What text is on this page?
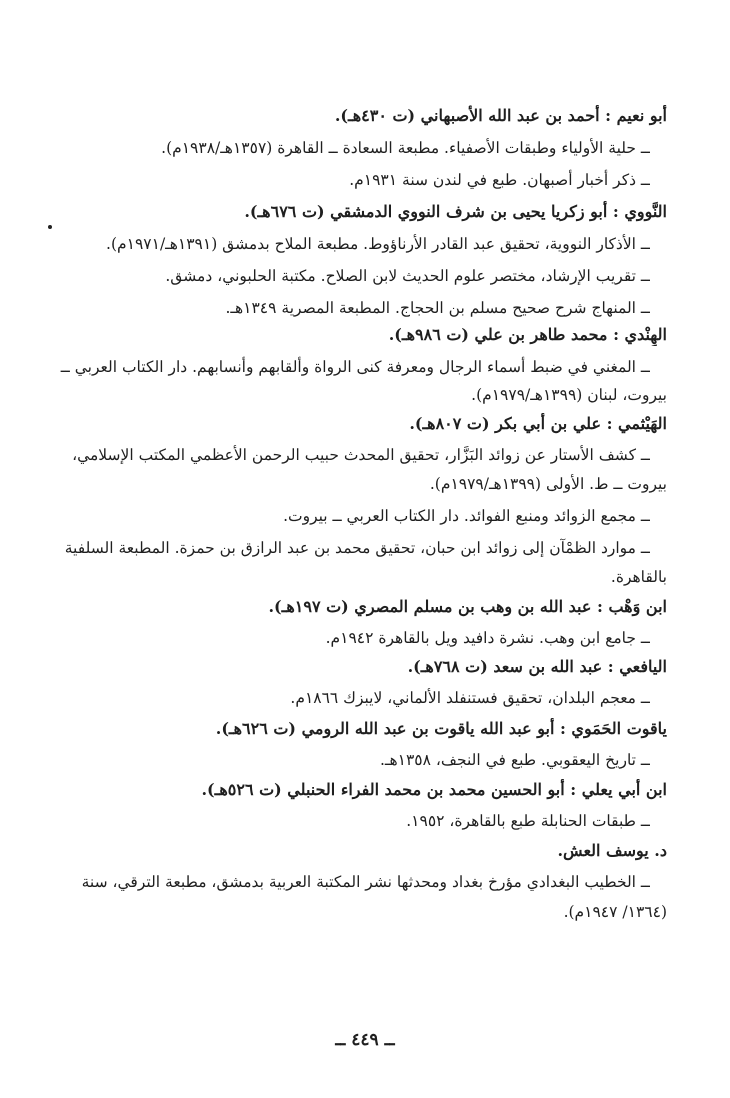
أبو نعيم : أحمد بن عبد الله الأصبهاني (ت ٤٣٠هـ).
ــ حلية الأولياء وطبقات الأصفياء. مطبعة السعادة ــ القاهرة (١٣٥٧هـ/١٩٣٨م).
ــ ذكر أخبار أصبهان. طبع في لندن سنة ١٩٣١م.
النَّووي : أبو زكريا يحيى بن شرف النووي الدمشقي (ت ٦٧٦هـ).
ــ الأذكار النووية، تحقيق عبد القادر الأرناؤوط. مطبعة الملاح بدمشق (١٣٩١هـ/١٩٧١م).
ــ تقريب الإرشاد، مختصر علوم الحديث لابن الصلاح. مكتبة الحلبوني، دمشق.
ــ المنهاج شرح صحيح مسلم بن الحجاج. المطبعة المصرية ١٣٤٩هـ.
الهِنْدي : محمد طاهر بن علي (ت ٩٨٦هـ).
ــ المغني في ضبط أسماء الرجال ومعرفة كنى الرواة وألقابهم وأنسابهم. دار الكتاب العربي ــ
بيروت، لبنان (١٣٩٩هـ/١٩٧٩م).
الهَيْثمي : علي بن أبي بكر (ت ٨٠٧هـ).
ــ كشف الأستار عن زوائد البَزَّار، تحقيق المحدث حبيب الرحمن الأعظمي المكتب الإسلامي،
بيروت ــ ط. الأولى (١٣٩٩هـ/١٩٧٩م).
ــ مجمع الزوائد ومنبع الفوائد. دار الكتاب العربي ــ بيروت.
ــ موارد الظمْآن إلى زوائد ابن حبان، تحقيق محمد بن عبد الرازق بن حمزة. المطبعة السلفية
بالقاهرة.
ابن وَهْب : عبد الله بن وهب بن مسلم المصري (ت ١٩٧هـ).
ــ جامع ابن وهب. نشرة دافيد ويل بالقاهرة ١٩٤٢م.
اليافعي : عبد الله بن سعد (ت ٧٦٨هـ).
ــ معجم البلدان، تحقيق فستنفلد الألماني، لايبزك ١٨٦٦م.
ياقوت الحَمَوي : أبو عبد الله ياقوت بن عبد الله الرومي (ت ٦٢٦هـ).
ــ تاريخ اليعقوبي. طبع في النجف، ١٣٥٨هـ.
ابن أبي يعلي : أبو الحسين محمد بن محمد الفراء الحنبلي (ت ٥٢٦هـ).
ــ طبقات الحنابلة طبع بالقاهرة، ١٩٥٢.
د. يوسف العش.
ــ الخطيب البغدادي مؤرخ بغداد ومحدثها نشر المكتبة العربية بدمشق، مطبعة الترقي، سنة
(١٣٦٤/ ١٩٤٧م).
ــ ٤٤٩ ــ
